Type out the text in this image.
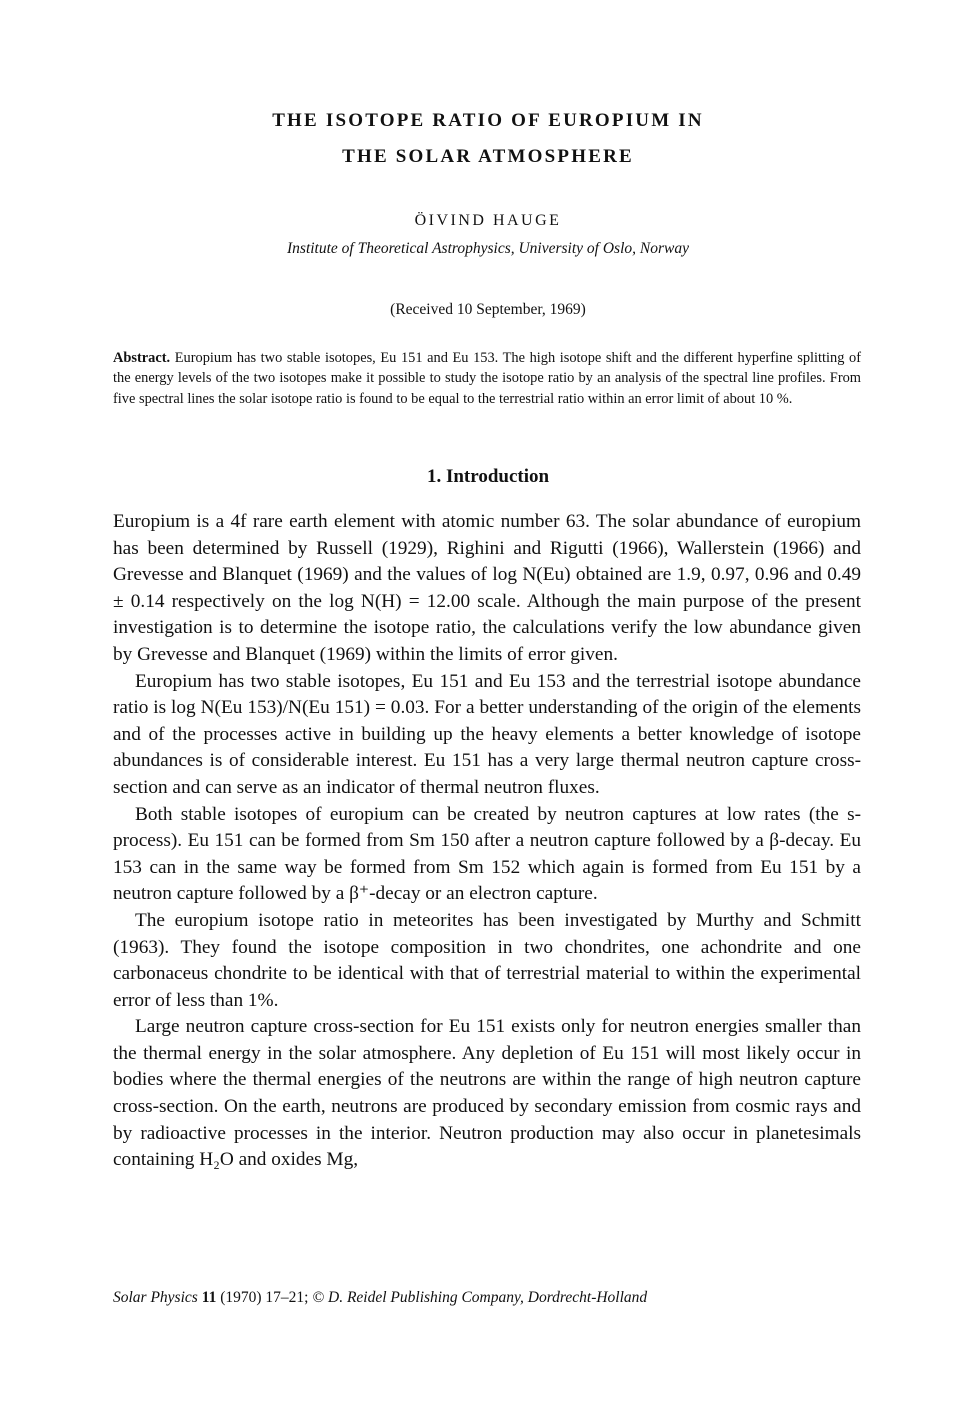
THE ISOTOPE RATIO OF EUROPIUM IN
THE SOLAR ATMOSPHERE
ÖIVIND HAUGE
Institute of Theoretical Astrophysics, University of Oslo, Norway
(Received 10 September, 1969)
Abstract. Europium has two stable isotopes, Eu 151 and Eu 153. The high isotope shift and the different hyperfine splitting of the energy levels of the two isotopes make it possible to study the isotope ratio by an analysis of the spectral line profiles. From five spectral lines the solar isotope ratio is found to be equal to the terrestrial ratio within an error limit of about 10 %.
1. Introduction

Europium is a 4f rare earth element with atomic number 63. The solar abundance of europium has been determined by Russell (1929), Righini and Rigutti (1966), Wallerstein (1966) and Grevesse and Blanquet (1969) and the values of log N(Eu) obtained are 1.9, 0.97, 0.96 and 0.49 ± 0.14 respectively on the log N(H) = 12.00 scale. Although the main purpose of the present investigation is to determine the isotope ratio, the calculations verify the low abundance given by Grevesse and Blanquet (1969) within the limits of error given.

Europium has two stable isotopes, Eu 151 and Eu 153 and the terrestrial isotope abundance ratio is log N(Eu 153)/N(Eu 151) = 0.03. For a better understanding of the origin of the elements and of the processes active in building up the heavy elements a better knowledge of isotope abundances is of considerable interest. Eu 151 has a very large thermal neutron capture cross-section and can serve as an indicator of thermal neutron fluxes.

Both stable isotopes of europium can be created by neutron captures at low rates (the s-process). Eu 151 can be formed from Sm 150 after a neutron capture followed by a β-decay. Eu 153 can in the same way be formed from Sm 152 which again is formed from Eu 151 by a neutron capture followed by a β⁺-decay or an electron capture.

The europium isotope ratio in meteorites has been investigated by Murthy and Schmitt (1963). They found the isotope composition in two chondrites, one achondrite and one carbonaceus chondrite to be identical with that of terrestrial material to within the experimental error of less than 1%.

Large neutron capture cross-section for Eu 151 exists only for neutron energies smaller than the thermal energy in the solar atmosphere. Any depletion of Eu 151 will most likely occur in bodies where the thermal energies of the neutrons are within the range of high neutron capture cross-section. On the earth, neutrons are produced by secondary emission from cosmic rays and by radioactive processes in the interior. Neutron production may also occur in planetesimals containing H₂O and oxides Mg,

Solar Physics 11 (1970) 17–21; © D. Reidel Publishing Company, Dordrecht-Holland
